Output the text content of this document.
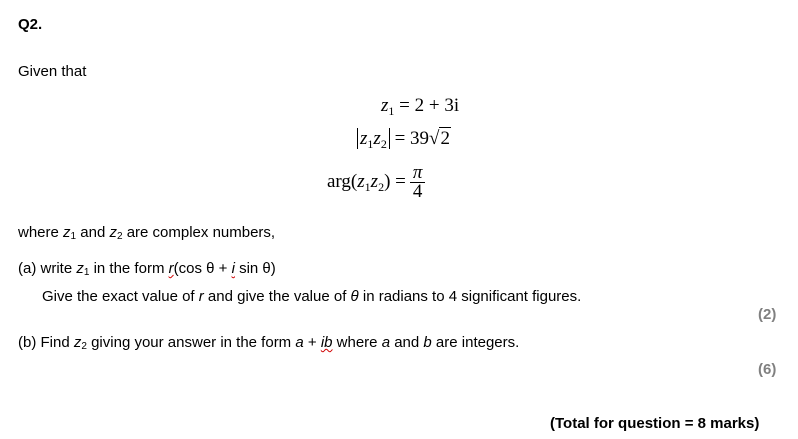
Q2.
Given that
$z_1 = 2 + 3i$
$z_1z_2 = 39√2$
$arg(z_1z_2) = \frac{\pi}{4}$
where z1 and z2 are complex numbers,
(a) write z1 in the form r(cos θ + i sin θ)
Give the exact value of r and give the value of θ in radians to 4 significant figures.
(2)
(b) Find z2 giving your answer in the form a + ib where a and b are integers.
(6)
(Total for question = 8 marks)
